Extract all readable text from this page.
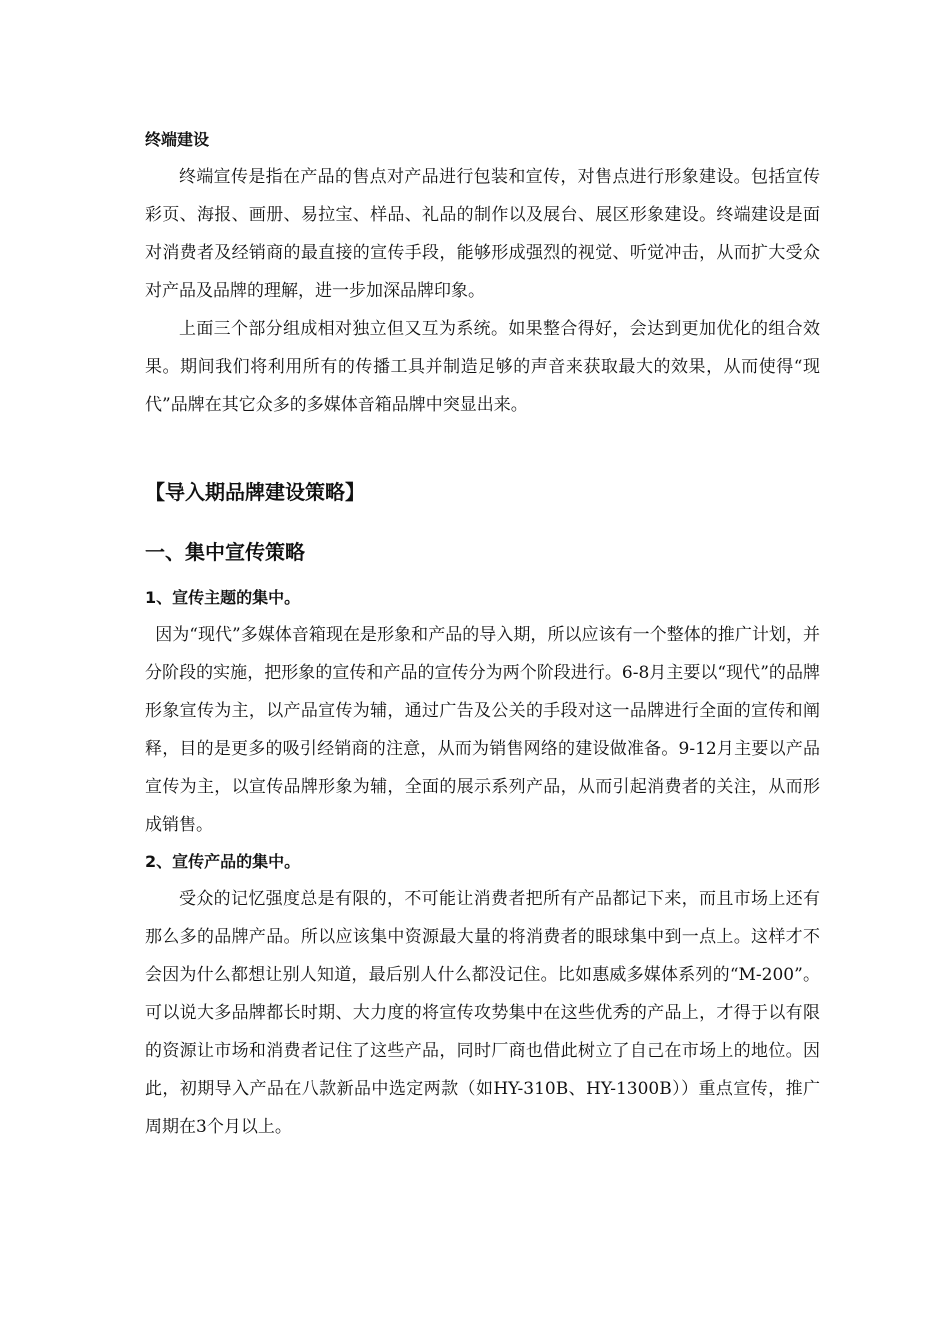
终端建设

终端宣传是指在产品的售点对产品进行包装和宣传，对售点进行形象建设。包括宣传彩页、海报、画册、易拉宝、样品、礼品的制作以及展台、展区形象建设。终端建设是面对消费者及经销商的最直接的宣传手段，能够形成强烈的视觉、听觉冲击，从而扩大受众对产品及品牌的理解，进一步加深品牌印象。

上面三个部分组成相对独立但又互为系统。如果整合得好，会达到更加优化的组合效果。期间我们将利用所有的传播工具并制造足够的声音来获取最大的效果，从而使得“现代”品牌在其它众多的多媒体音箱品牌中突显出来。

【导入期品牌建设策略】

一、集中宣传策略

1、宣传主题的集中。

因为“现代”多媒体音箱现在是形象和产品的导入期，所以应该有一个整体的推广计划，并分阶段的实施，把形象的宣传和产品的宣传分为两个阶段进行。6-8月主要以“现代”的品牌形象宣传为主，以产品宣传为辅，通过广告及公关的手段对这一品牌进行全面的宣传和阐释，目的是更多的吸引经销商的注意，从而为销售网络的建设做准备。9-12月主要以产品宣传为主，以宣传品牌形象为辅，全面的展示系列产品，从而引起消费者的关注，从而形成销售。

2、宣传产品的集中。

受众的记忆强度总是有限的，不可能让消费者把所有产品都记下来，而且市场上还有那么多的品牌产品。所以应该集中资源最大量的将消费者的眼球集中到一点上。这样才不会因为什么都想让别人知道，最后别人什么都没记住。比如惠威多媒体系列的“M-200”。可以说大多品牌都长时期、大力度的将宣传攻势集中在这些优秀的产品上，才得于以有限的资源让市场和消费者记住了这些产品，同时厂商也借此树立了自己在市场上的地位。因此，初期导入产品在八款新品中选定两款（如HY-310B、HY-1300B））重点宣传，推广周期在3个月以上。
